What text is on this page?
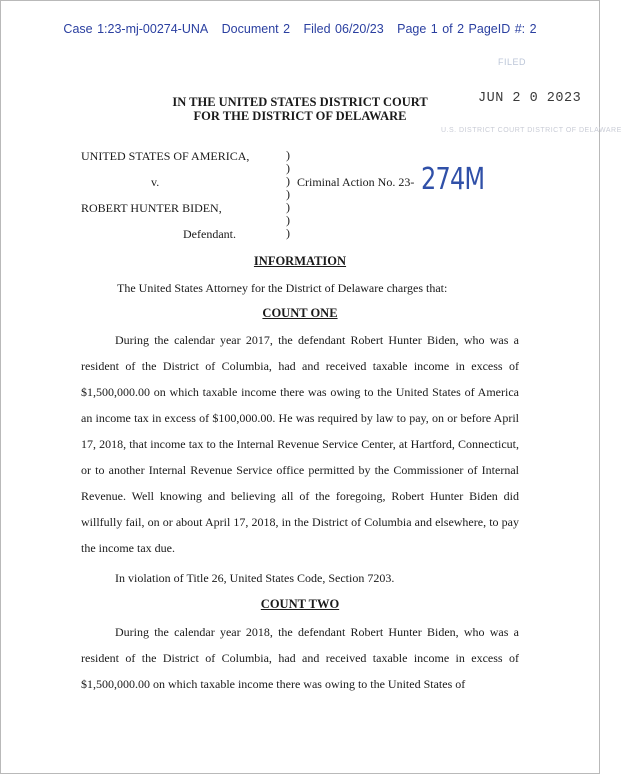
Case 1:23-mj-00274-UNA Document 2 Filed 06/20/23 Page 1 of 2 PageID #: 2
FILED
JUN 2 0 2023
U.S. DISTRICT COURT DISTRICT OF DELAWARE
IN THE UNITED STATES DISTRICT COURT
FOR THE DISTRICT OF DELAWARE
UNITED STATES OF AMERICA,
v.
ROBERT HUNTER BIDEN,
Defendant.
)
)
)
)
)
)
)
Criminal Action No. 23- 274M
INFORMATION
The United States Attorney for the District of Delaware charges that:
COUNT ONE
During the calendar year 2017, the defendant Robert Hunter Biden, who was a resident of the District of Columbia, had and received taxable income in excess of $1,500,000.00 on which taxable income there was owing to the United States of America an income tax in excess of $100,000.00. He was required by law to pay, on or before April 17, 2018, that income tax to the Internal Revenue Service Center, at Hartford, Connecticut, or to another Internal Revenue Service office permitted by the Commissioner of Internal Revenue. Well knowing and believing all of the foregoing, Robert Hunter Biden did willfully fail, on or about April 17, 2018, in the District of Columbia and elsewhere, to pay the income tax due.
In violation of Title 26, United States Code, Section 7203.
COUNT TWO
During the calendar year 2018, the defendant Robert Hunter Biden, who was a resident of the District of Columbia, had and received taxable income in excess of $1,500,000.00 on which taxable income there was owing to the United States of
